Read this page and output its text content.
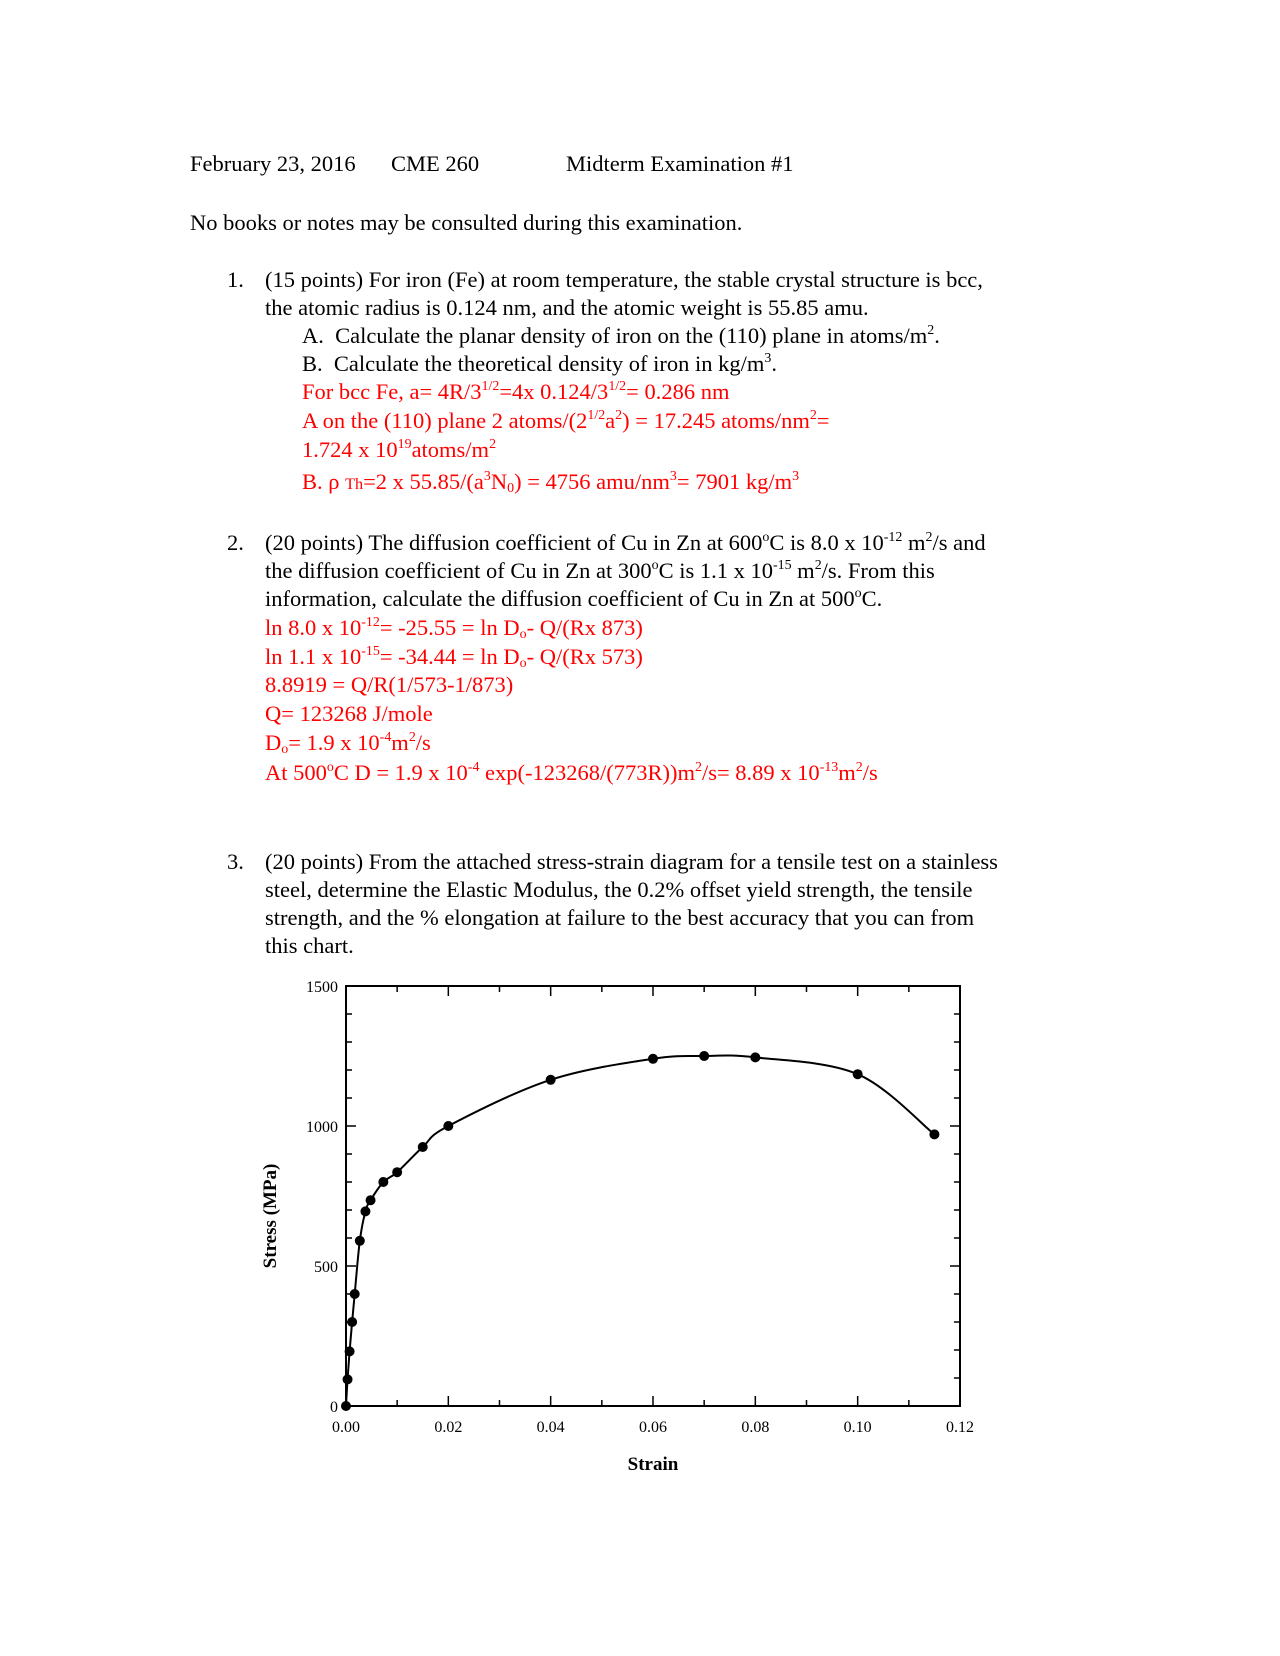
February 23, 2016 CME 260	Midterm Examination #1
No books or notes may be consulted during this examination.
1. (15 points) For iron (Fe) at room temperature, the stable crystal structure is bcc,
the atomic radius is 0.124 nm, and the atomic weight is 55.85 amu.
A. Calculate the planar density of iron on the (110) plane in atoms/$m^2$.
B. Calculate the theoretical density of iron in $kg/m^3$.
For bcc Fe, $a= 4R/3^{1/2}=4x$ $0.124/3^{1/2}= 0.286$ nm
A on the (110) plane 2 atoms/$(2^{1/2}a^2) = 17.245$ atoms/$nm^2=$
1.724 x $10^{19}atoms/m^2$
B. ρ Th=2 x $55.85/(a^3N_0) = 4756$ amu/$nm^3= 7901$ $kg/m^3$
2. (20 points) The diffusion coefficient of Cu in Zn at 600$^o$C is 8.0 x $10^{-12}$ $m^2/s$ and
the diffusion coefficient of Cu in Zn at 300$^o$C is 1.1 x $10^{-15}$ $m^2/s$. From this
information, calculate the diffusion coefficient of Cu in Zn at 500$^o$C.
ln 8.0 x $10^{-12}= -25.55 = \ln D_o-$ Q/(Rx 873)
ln 1.1 x $10^{-15}= -34.44 = \ln D_o-$ Q/(Rx 573)
8.8919 = Q/R(1/573-1/873)
Q= 123268 J/mole
$D_o= 1.9$ x $10^{-4}m^2/s$
At 500$^o$C D = 1.9 x $10^{-4}$ $\exp(-123268/(773R))m^2/s= 8.89$ x $10^{-13}m^2/s$
3. (20 points) From the attached stress-strain diagram for a tensile test on a stainless
steel, determine the Elastic Modulus, the 0.2% offset yield strength, the tensile
strength, and the % elongation at failure to the best accuracy that you can from
this chart.
0.00	0.02	0.04	0.06	0.08	0.10	0.12
0
500
1000
1500
Strain
Stress (MPa)
